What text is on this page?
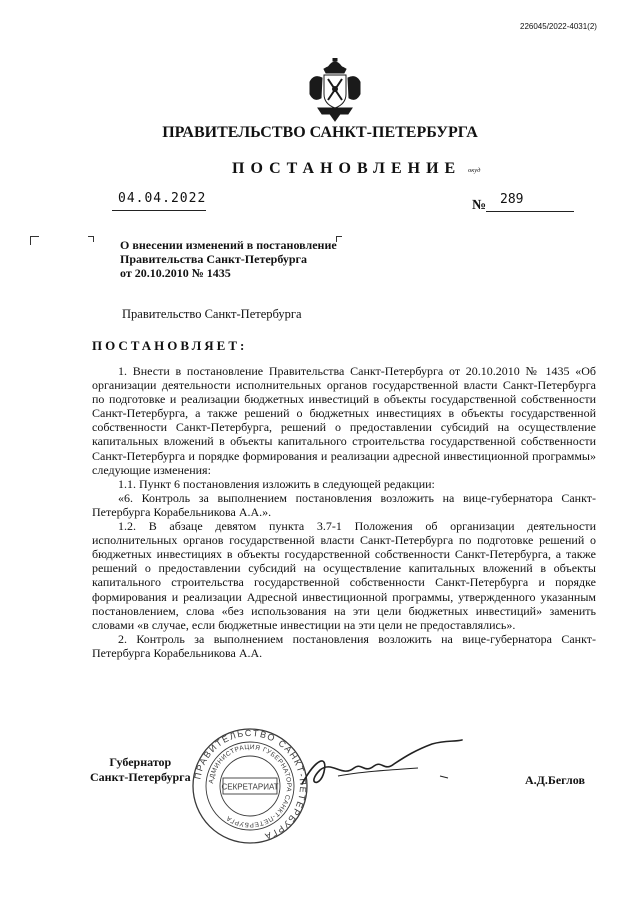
226045/2022-4031(2)
ПРАВИТЕЛЬСТВО САНКТ-ПЕТЕРБУРГА
ПОСТАНОВЛЕНИЕ окуд
04.04.2022	№ 289
О внесении изменений в постановление
Правительства Санкт-Петербурга
от 20.10.2010 № 1435
Правительство Санкт-Петербурга
ПОСТАНОВЛЯЕТ:

1. Внести в постановление Правительства Санкт-Петербурга от 20.10.2010 № 1435 «Об организации деятельности исполнительных органов государственной власти Санкт-Петербурга по подготовке и реализации бюджетных инвестиций в объекты государственной собственности Санкт-Петербурга, а также решений о бюджетных инвестициях в объекты государственной собственности Санкт-Петербурга, решений о предоставлении субсидий на осуществление капитальных вложений в объекты капитального строительства государственной собственности Санкт-Петербурга и порядке формирования и реализации адресной инвестиционной программы» следующие изменения:

1.1. Пункт 6 постановления изложить в следующей редакции:

«6. Контроль за выполнением постановления возложить на вице-губернатора Санкт-Петербурга Корабельникова А.А.».

1.2. В абзаце девятом пункта 3.7-1 Положения об организации деятельности исполнительных органов государственной власти Санкт-Петербурга по подготовке решений о бюджетных инвестициях в объекты государственной собственности Санкт-Петербурга, а также решений о предоставлении субсидий на осуществление капитальных вложений в объекты капитального строительства государственной собственности Санкт-Петербурга и порядке формирования и реализации Адресной инвестиционной программы, утвержденного указанным постановлением, слова «без использования на эти цели бюджетных инвестиций» заменить словами «в случае, если бюджетные инвестиции на эти цели не предоставлялись».

2. Контроль за выполнением постановления возложить на вице-губернатора Санкт-Петербурга Корабельникова А.А.

Губернатор
Санкт-Петербурга ПРАВИТЕЛЬСТВО САНКТ-ПЕТЕРБУРГА
АДМИНИСТРАЦИЯ ГУБЕРНАТОРА САНКТ-ПЕТЕРБУРГА
СЕКРЕТАРИАТ	А.Д.Беглов
